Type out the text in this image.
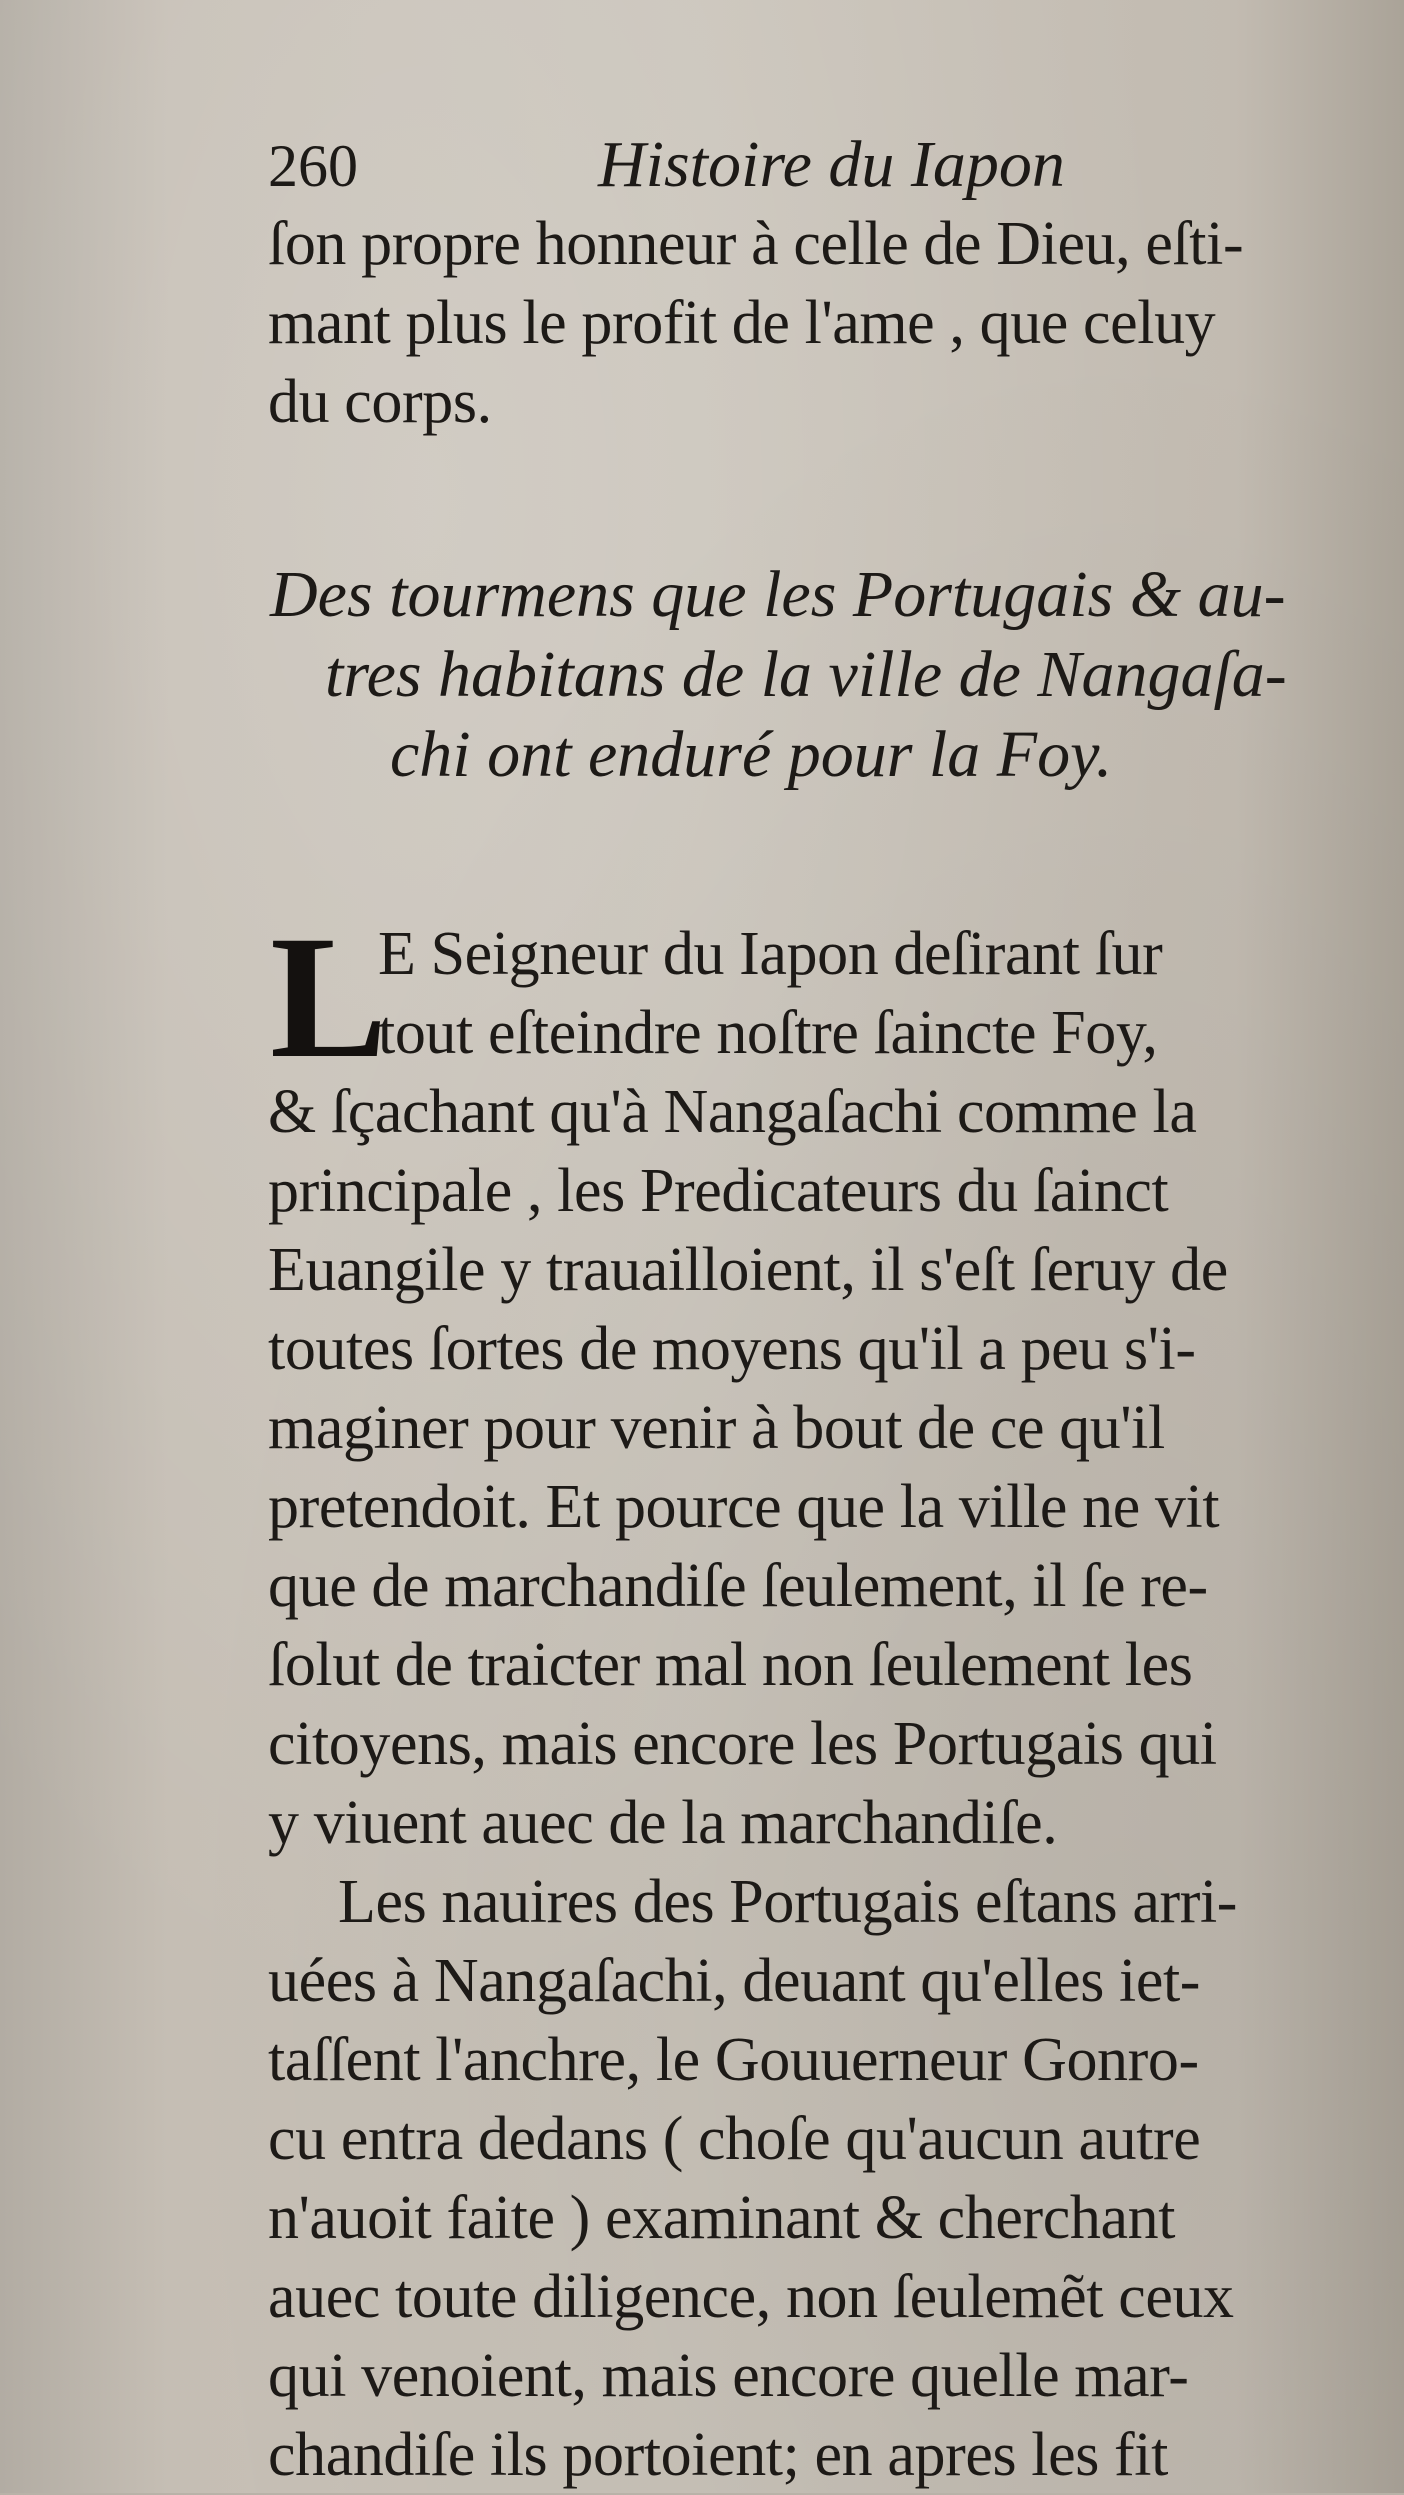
260	Histoire du Iapon
ſon propre honneur à celle de Dieu, eſti-
mant plus le profit de l'ame , que celuy
du corps.
Des tourmens que les Portugais & au-
tres habitans de la ville de Nangaſa-
chi ont enduré pour la Foy.
L
E Seigneur du Iapon deſirant ſur
tout eſteindre noſtre ſaincte Foy,
& ſçachant qu'à Nangaſachi comme la
principale , les Predicateurs du ſainct
Euangile y trauailloient, il s'eſt ſeruy de
toutes ſortes de moyens qu'il a peu s'i-
maginer pour venir à bout de ce qu'il
pretendoit. Et pource que la ville ne vit
que de marchandiſe ſeulement, il ſe re-
ſolut de traicter mal non ſeulement les
citoyens, mais encore les Portugais qui
y viuent auec de la marchandiſe.
Les nauires des Portugais eſtans arri-
uées à Nangaſachi, deuant qu'elles iet-
taſſent l'anchre, le Gouuerneur Gonro-
cu entra dedans ( choſe qu'aucun autre
n'auoit faite ) examinant & cherchant
auec toute diligence, non ſeulemẽt ceux
qui venoient, mais encore quelle mar-
chandiſe ils portoient; en apres les fit
